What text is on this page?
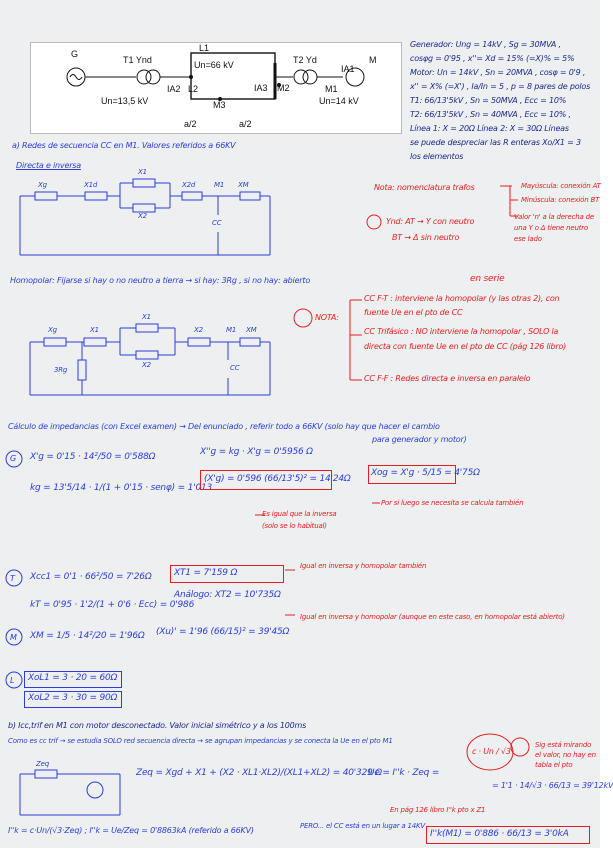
G
T1 Ynd
L1
Un=66 kV	T2 Yd	M
IA1
IA2 L2	IA3 M2	M1
M3
Un=13,5 kV	Un=14 kV
a/2	a/2
Generador: Ung = 14kV , Sg = 30MVA ,
cosφg = 0'95 , x''= Xd = 15% (=X)% = 5%
Motor: Un = 14kV , Sn = 20MVA , cosφ = 0'9 ,
x'' = X% (=X') , Ia/In = 5 , p = 8 pares de polos
T1: 66/13'5kV , Sn = 50MVA , Ecc = 10%
T2: 66/13'5kV , Sn = 40MVA , Ecc = 10% ,
Línea 1: X = 20Ω Línea 2: X = 30Ω Líneas
se puede despreciar las R enteras Xo/X1 = 3
los elementos
a) Redes de secuencia CC en M1. Valores referidos a 66KV
Directa e inversa
Xg	X1d
X1
X2
X2d	M1 XM
CC
Nota: nomenclatura trafos	Mayúscula: conexión AT
Minúscula: conexión BT
Valor 'n' a la derecha de una Y o Δ tiene neutro ese lado
Ynd: AT → Y con neutro
BT → Δ sin neutro
Homopolar: Fijarse si hay o no neutro a tierra → si hay: 3Rg , si no hay: abierto	en serie
NOTA:
CC F-T : interviene la homopolar (y las otras 2), con
fuente Ue en el pto de CC
CC Trifásico : NO interviene la homopolar , SOLO la
directa con fuente Ue en el pto de CC (pág 126 libro)
CC F-F : Redes directa e inversa en paralelo
Xg	X1
X1
X2
X2	M1 XM
3Rg	CC
Cálculo de impedancias (con Excel examen) → Del enunciado , referir todo a 66KV (solo hay que hacer el cambio
para generador y motor)
G X'g = 0'15 · 14²/50 = 0'588Ω
kg = 13'5/14 · 1/(1 + 0'15 · senφ) = 1'013
X''g = kg · X'g = 0'5956 Ω
(X'g) = 0'596 (66/13'5)² = 14'24Ω
Xog = X'g · 5/15 = 4'75Ω
Es igual que la inversa
(solo se lo habitual)
Por si luego se necesita se calcula también
T Xcc1 = 0'1 · 66²/50 = 7'26Ω
kT = 0'95 · 1'2/(1 + 0'6 · Ecc) = 0'986
XT1 = 7'159 Ω
Análogo: XT2 = 10'735Ω
Igual en inversa y homopolar también
M XM = 1/5 · 14²/20 = 1'96Ω (Xu)' = 1'96 (66/15)² = 39'45Ω
Igual en inversa y homopolar (aunque en este caso, en homopolar está abierto)
L XoL1 = 3 · 20 = 60Ω
XoL2 = 3 · 30 = 90Ω
b) Icc,trif en M1 con motor desconectado. Valor inicial simétrico y a los 100ms
Como es cc trif → se estudia SOLO red secuencia directa → se agrupan impedancias y se conecta la Ue en el pto M1
Zeq
Zeq = Xgd + X1 + (X2 · XL1·XL2)/(XL1+XL2) = 40'329 Ω
Ue = I''k · Zeq =
c · Un / √3
= 1'1 · 14/√3 · 66/13 = 39'12kV
Sig está mirando el valor, no hay en tabla el pto
En pág 126 libro I''k pto x Z1
I''k = c·Un/(√3·Zeq) ; I''k = Ue/Zeq = 0'8863kA (referido a 66KV)	PERO... el CC está en un lugar a 14KV
I''k(M1) = 0'886 · 66/13 = 3'0kA
